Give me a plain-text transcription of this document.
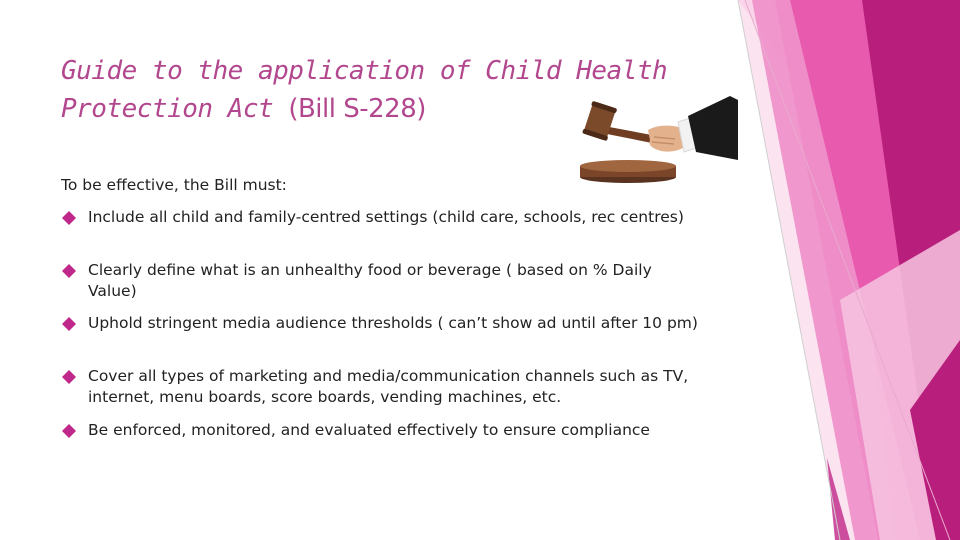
Guide to the application of Child Health Protection Act (Bill S-228)

To be effective, the Bill must:

Include all child and family-centred settings (child care, schools, rec centres)
Clearly define what is an unhealthy food or beverage ( based on % Daily Value)
Uphold stringent media audience thresholds ( can’t show ad until after 10 pm)
Cover all types of marketing and media/communication channels such as TV, internet, menu boards, score boards, vending machines, etc.
Be enforced, monitored, and evaluated effectively to ensure compliance
